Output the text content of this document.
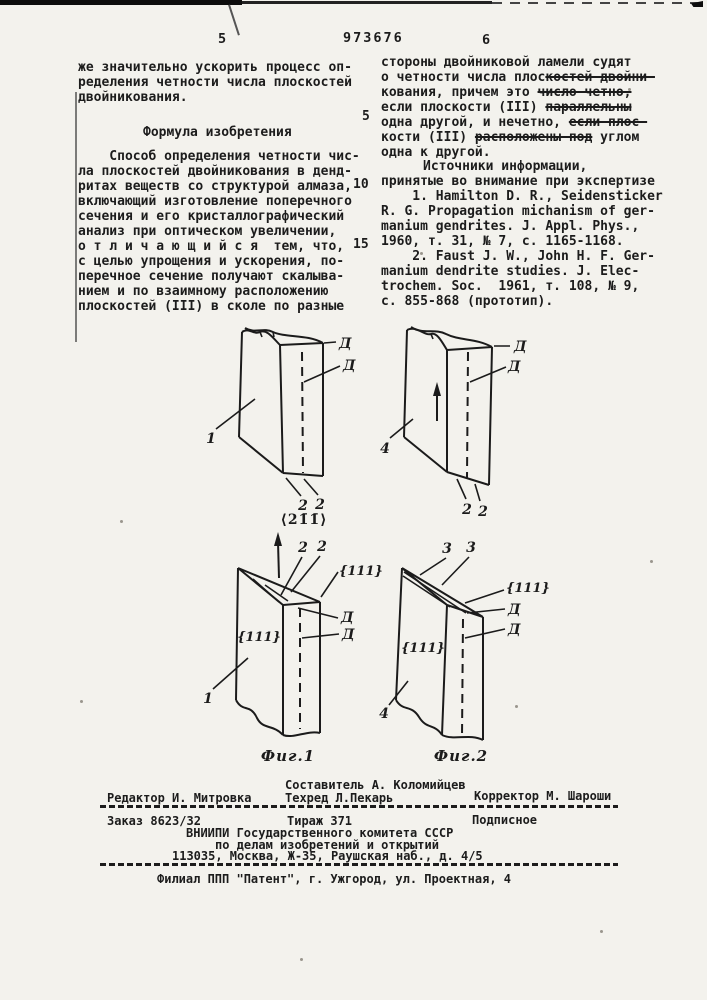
5	973676	6
5
10
15
же значительно ускорить процесс оп-
ределения четности числа плоскостей
двойникования.
Формула изобретения
Способ определения четности чис-
ла плоскостей двойникования в денд-
ритах веществ со структурой алмаза,
включающий изготовление поперечного
сечения и его кристаллографический
анализ при оптическом увеличении,
о т л и ч а ю щ и й с я  тем, что,
с целью упрощения и ускорения, по-
перечное сечение получают скалыва-
нием и по взаимному расположению
плоскостей (III) в сколе по разные
стороны двойниковой ламели судят
о четности числа плоскостей двойни-
кования, причем это число четно,
если плоскости (III) параллельны
одна другой, и нечетно, если плос-
кости (III) расположены под углом
одна к другой.
Источники информации,
принятые во внимание при экспертизе
1. Hamilton D. R., Seidensticker
R. G. Propagation michanism of ger-
manium gendrites. J. Appl. Phys.,
1960, т. 31, № 7, с. 1165-1168.
2. Faust J. W., John H. F. Ger-
manium dendrite studies. J. Elec-
trochem. Soc.  1961, т. 108, № 9,
с. 855-868 (прототип).
Д
Д
1
2 2
Д
Д
4
2 2
⟨21̄1̄⟩
2 2
{111}
Д
Д
{111}
1
Фиг.1
3 3
{111}
Д
Д
{111}
4
Фиг.2
Составитель А. Коломийцев
Редактор И. Митровка	Техред Л.Пекарь	Корректор М. Шароши
Заказ 8623/32	Тираж 371	Подписное
ВНИИПИ Государственного комитета СССР
по делам изобретений и открытий
113035, Москва, Ж-35, Раушская наб., д. 4/5
Филиал ППП "Патент", г. Ужгород, ул. Проектная, 4
